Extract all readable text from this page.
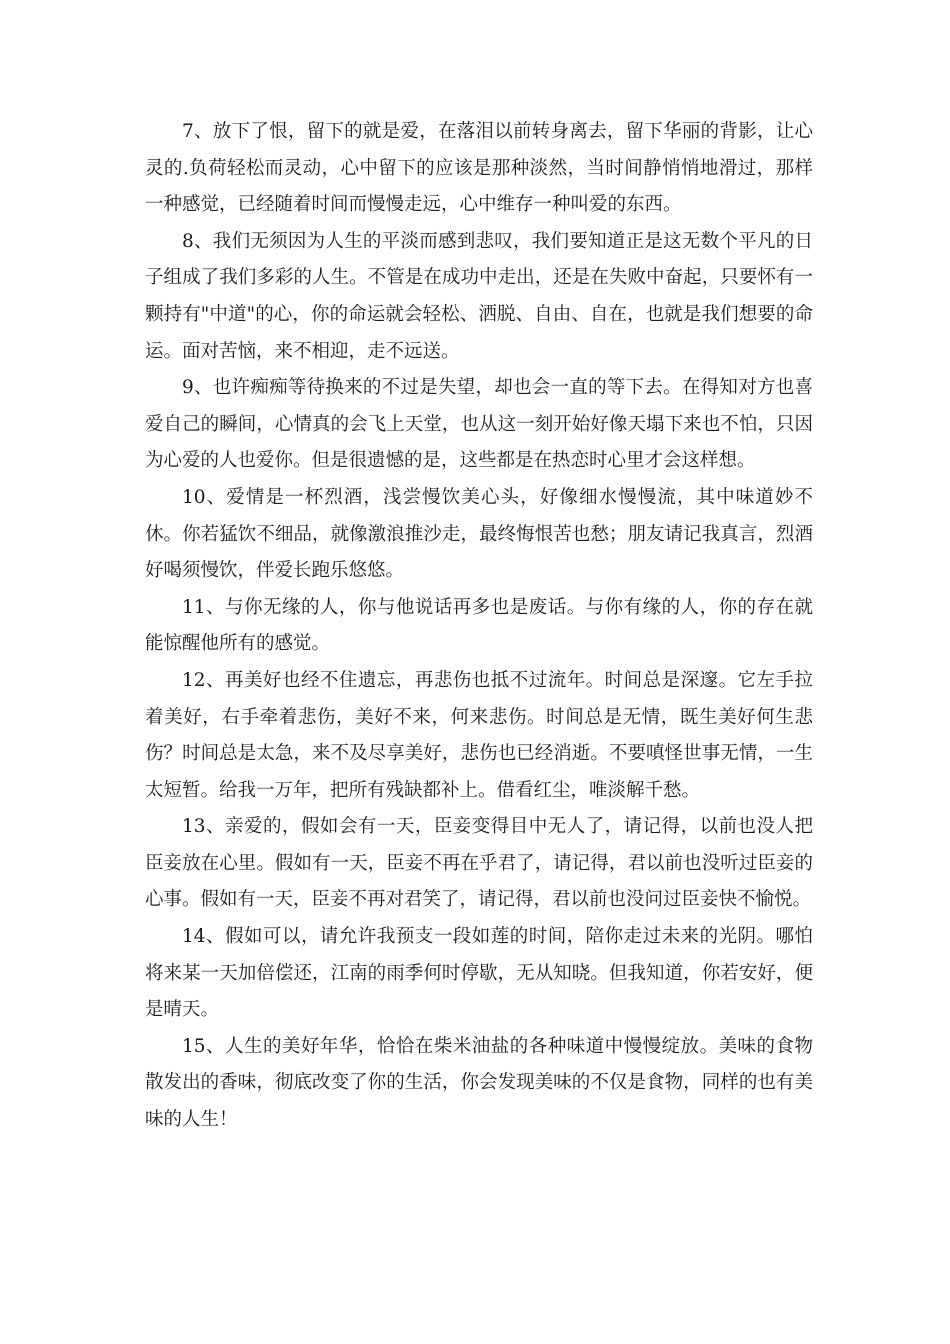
7、放下了恨，留下的就是爱，在落泪以前转身离去，留下华丽的背影，让心灵的.负荷轻松而灵动，心中留下的应该是那种淡然，当时间静悄悄地滑过，那样一种感觉，已经随着时间而慢慢走远，心中维存一种叫爱的东西。

8、我们无须因为人生的平淡而感到悲叹，我们要知道正是这无数个平凡的日子组成了我们多彩的人生。不管是在成功中走出，还是在失败中奋起，只要怀有一颗持有"中道"的心，你的命运就会轻松、洒脱、自由、自在，也就是我们想要的命运。面对苦恼，来不相迎，走不远送。

9、也许痴痴等待换来的不过是失望，却也会一直的等下去。在得知对方也喜爱自己的瞬间，心情真的会飞上天堂，也从这一刻开始好像天塌下来也不怕，只因为心爱的人也爱你。但是很遗憾的是，这些都是在热恋时心里才会这样想。

10、爱情是一杯烈酒，浅尝慢饮美心头，好像细水慢慢流，其中味道妙不休。你若猛饮不细品，就像激浪推沙走，最终悔恨苦也愁；朋友请记我真言，烈酒好喝须慢饮，伴爱长跑乐悠悠。

11、与你无缘的人，你与他说话再多也是废话。与你有缘的人，你的存在就能惊醒他所有的感觉。

12、再美好也经不住遗忘，再悲伤也抵不过流年。时间总是深邃。它左手拉着美好，右手牵着悲伤，美好不来，何来悲伤。时间总是无情，既生美好何生悲伤？时间总是太急，来不及尽享美好，悲伤也已经消逝。不要嗔怪世事无情，一生太短暂。给我一万年，把所有残缺都补上。借看红尘，唯淡解千愁。

13、亲爱的，假如会有一天，臣妾变得目中无人了，请记得，以前也没人把臣妾放在心里。假如有一天，臣妾不再在乎君了，请记得，君以前也没听过臣妾的心事。假如有一天，臣妾不再对君笑了，请记得，君以前也没问过臣妾快不愉悦。

14、假如可以，请允许我预支一段如莲的时间，陪你走过未来的光阴。哪怕将来某一天加倍偿还，江南的雨季何时停歇，无从知晓。但我知道，你若安好，便是晴天。

15、人生的美好年华，恰恰在柴米油盐的各种味道中慢慢绽放。美味的食物散发出的香味，彻底改变了你的生活，你会发现美味的不仅是食物，同样的也有美味的人生！
